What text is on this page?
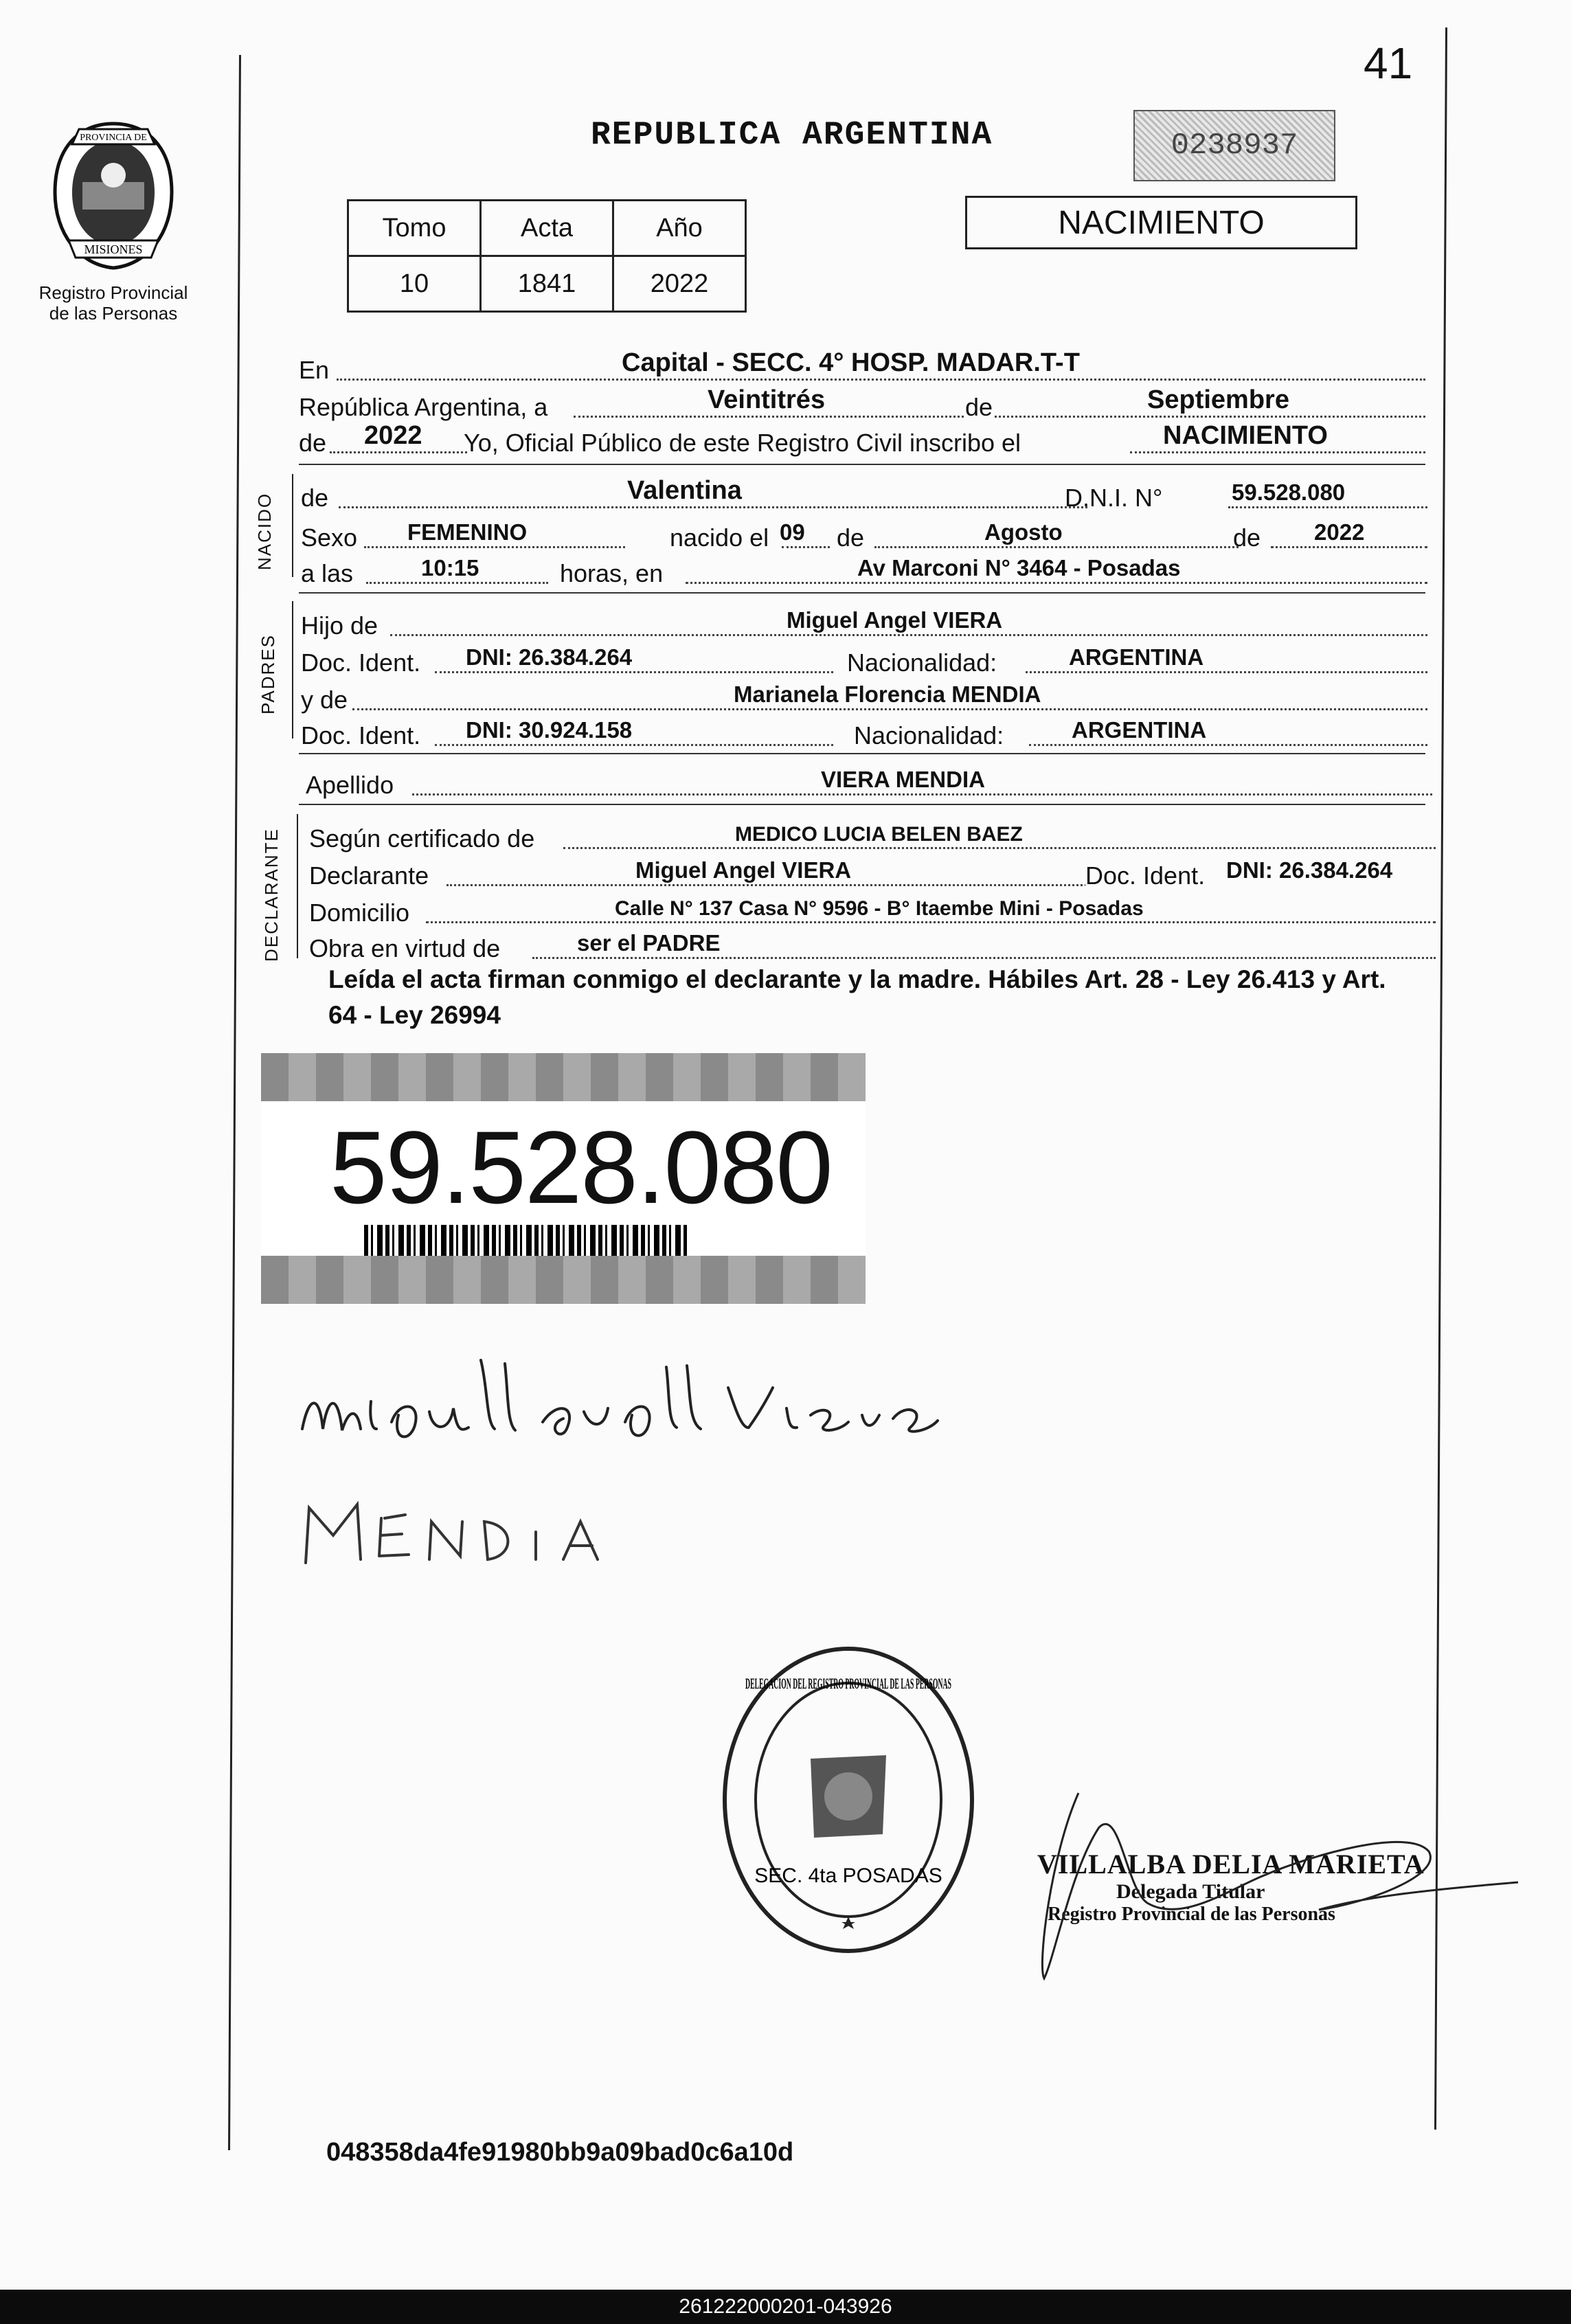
41
PROVINCIA DE
MISIONES
Registro Provincial
de las Personas
REPUBLICA ARGENTINA	0238937
Tomo	Acta	Año
10	1841	2022
NACIMIENTO
En	Capital - SECC. 4° HOSP. MADAR.T-T
República Argentina, a	Veintitrés	de	Septiembre
de 2022 Yo, Oficial Público de este Registro Civil inscribo el	NACIMIENTO
NACIDO de	Valentina	D.N.I. N°	59.528.080
Sexo FEMENINO	nacido el 09 de	Agosto	de 2022
a las	10:15	horas, en	Av Marconi N° 3464 - Posadas
PADRES
Hijo de	Miguel Angel VIERA
Doc. Ident. DNI: 26.384.264	Nacionalidad:	ARGENTINA
y de	Marianela Florencia MENDIA
Doc. Ident. DNI: 30.924.158	Nacionalidad:	ARGENTINA
Apellido	VIERA MENDIA
DECLARANTE Según certificado de	MEDICO LUCIA BELEN BAEZ
Declarante	Miguel Angel VIERA	Doc. Ident. DNI: 26.384.264
Domicilio	Calle N° 137 Casa N° 9596 - B° Itaembe Mini - Posadas
Obra en virtud de	ser el PADRE
Leída el acta firman conmigo el declarante y la madre. Hábiles Art. 28 - Ley 26.413 y Art. 64 - Ley 26994
59.528.080
DELEGACION DEL REGISTRO PROVINCIAL DE LAS PERSONAS
SEC. 4ta POSADAS	VILLALBA DELIA MARIETA
Delegada Titular
Registro Provincial de las Personas
048358da4fe91980bb9a09bad0c6a10d
261222000201-043926
